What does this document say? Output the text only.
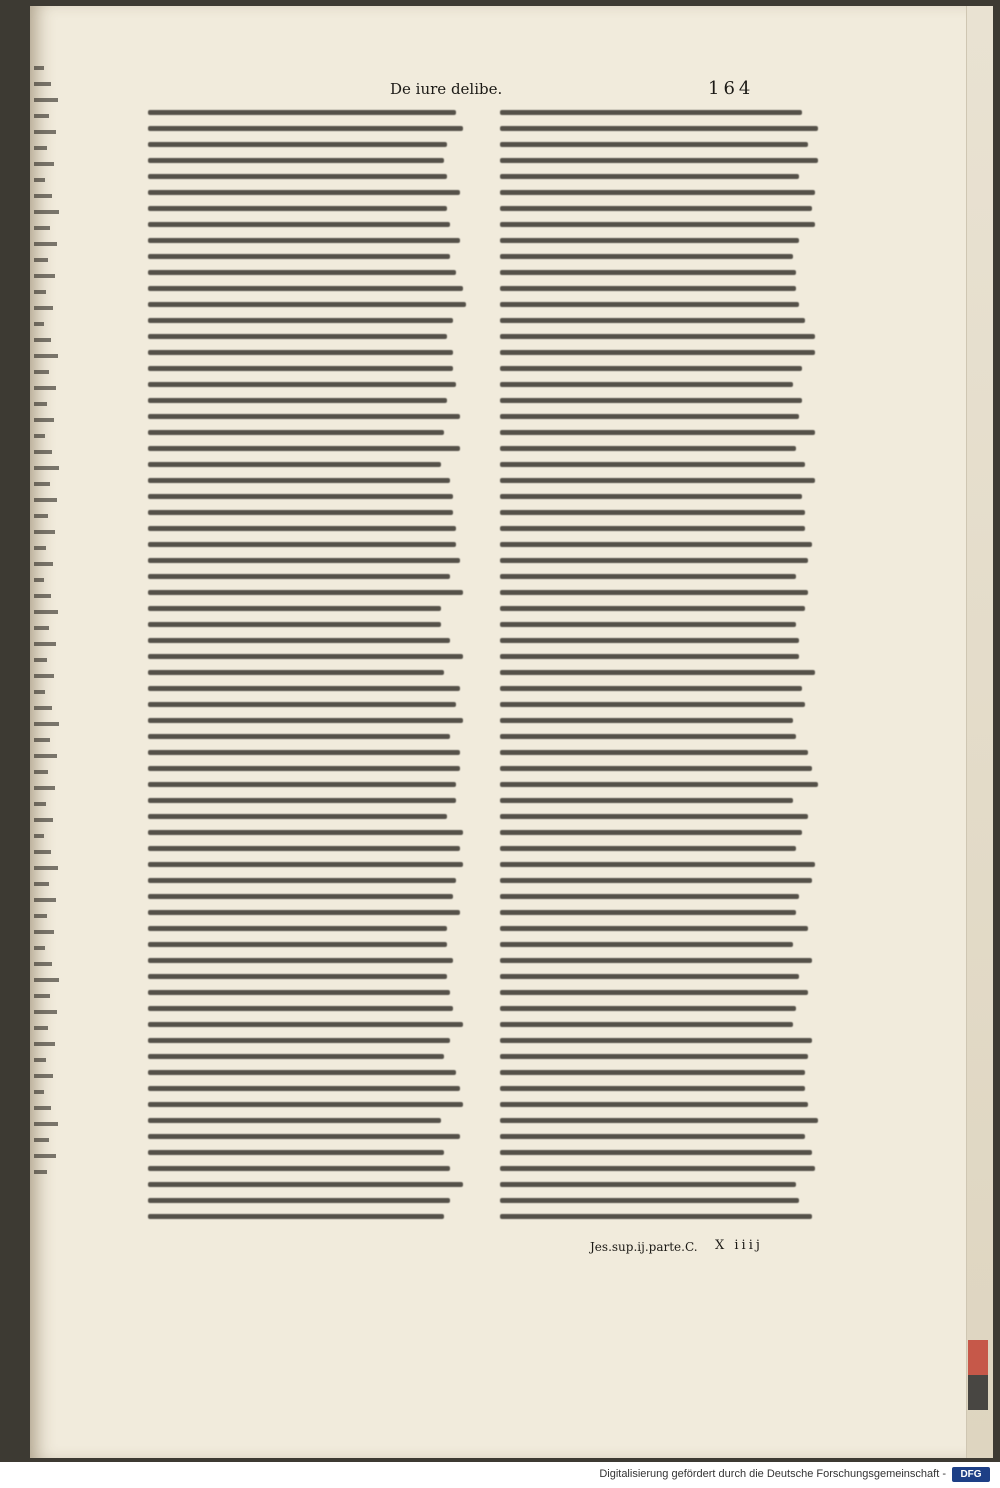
De iure delibe.	164
Jes.sup.ij.parte.C. X iiij
Digitalisierung gefördert durch die Deutsche Forschungsgemeinschaft -	DFG
